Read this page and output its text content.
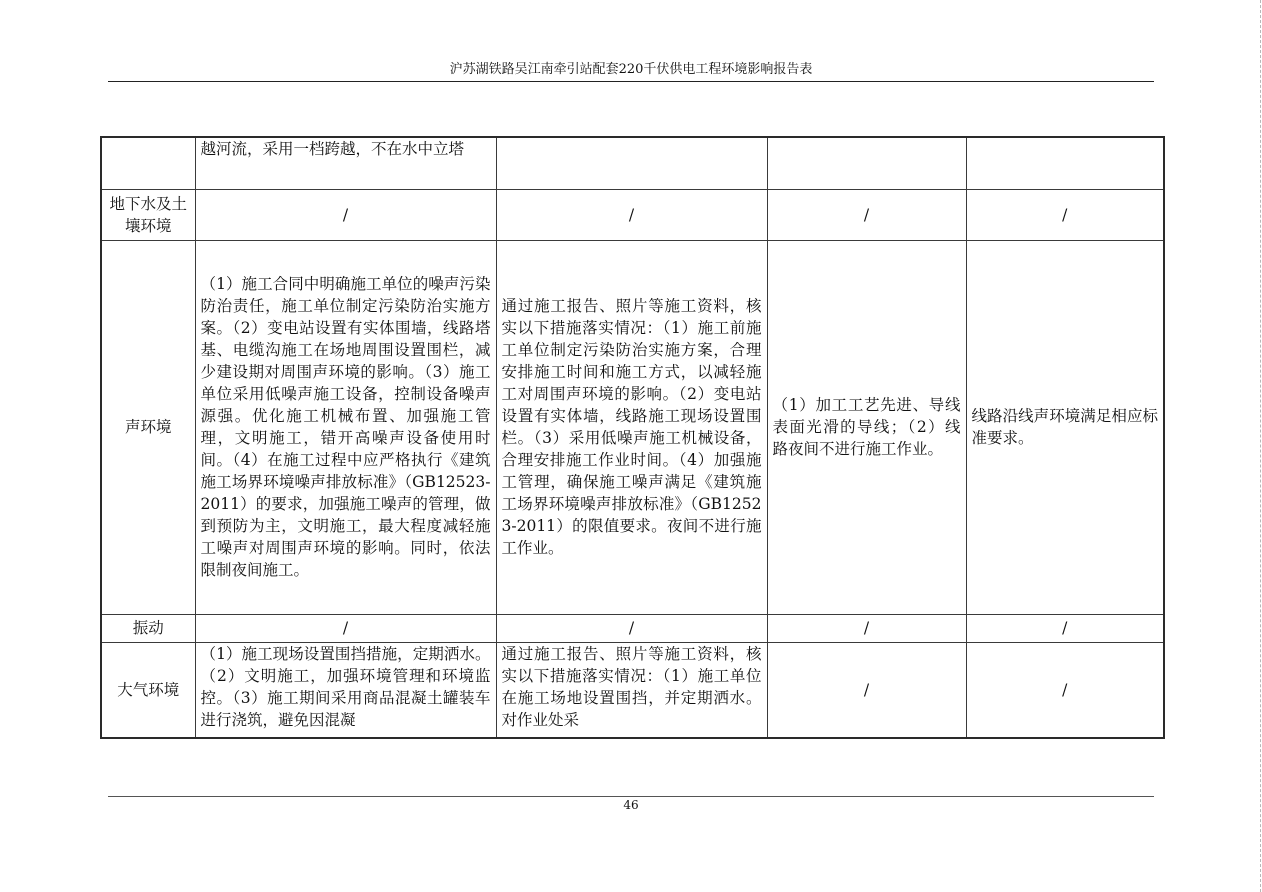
沪苏湖铁路吴江南牵引站配套220千伏供电工程环境影响报告表
	越河流，采用一档跨越，不在水中立塔			
地下水及土壤环境	/	/	/	/
声环境	（1）施工合同中明确施工单位的噪声污染防治责任，施工单位制定污染防治实施方案。（2）变电站设置有实体围墙，线路塔基、电缆沟施工在场地周围设置围栏，减少建设期对周围声环境的影响。（3）施工单位采用低噪声施工设备，控制设备噪声源强。优化施工机械布置、加强施工管理，文明施工，错开高噪声设备使用时间。（4）在施工过程中应严格执行《建筑施工场界环境噪声排放标准》（GB12523-2011）的要求，加强施工噪声的管理，做到预防为主，文明施工，最大程度减轻施工噪声对周围声环境的影响。同时，依法限制夜间施工。	通过施工报告、照片等施工资料，核实以下措施落实情况：（1）施工前施工单位制定污染防治实施方案，合理安排施工时间和施工方式，以减轻施工对周围声环境的影响。（2）变电站设置有实体墙，线路施工现场设置围栏。（3）采用低噪声施工机械设备，合理安排施工作业时间。（4）加强施工管理，确保施工噪声满足《建筑施工场界环境噪声排放标准》（GB12523-2011）的限值要求。夜间不进行施工作业。	（1）加工工艺先进、导线表面光滑的导线；（2）线路夜间不进行施工作业。	线路沿线声环境满足相应标准要求。
振动	/	/	/	/
大气环境	（1）施工现场设置围挡措施，定期洒水。（2）文明施工，加强环境管理和环境监控。（3）施工期间采用商品混凝土罐装车进行浇筑，避免因混凝	通过施工报告、照片等施工资料，核实以下措施落实情况：（1）施工单位在施工场地设置围挡，并定期洒水。对作业处采	/	/
46
